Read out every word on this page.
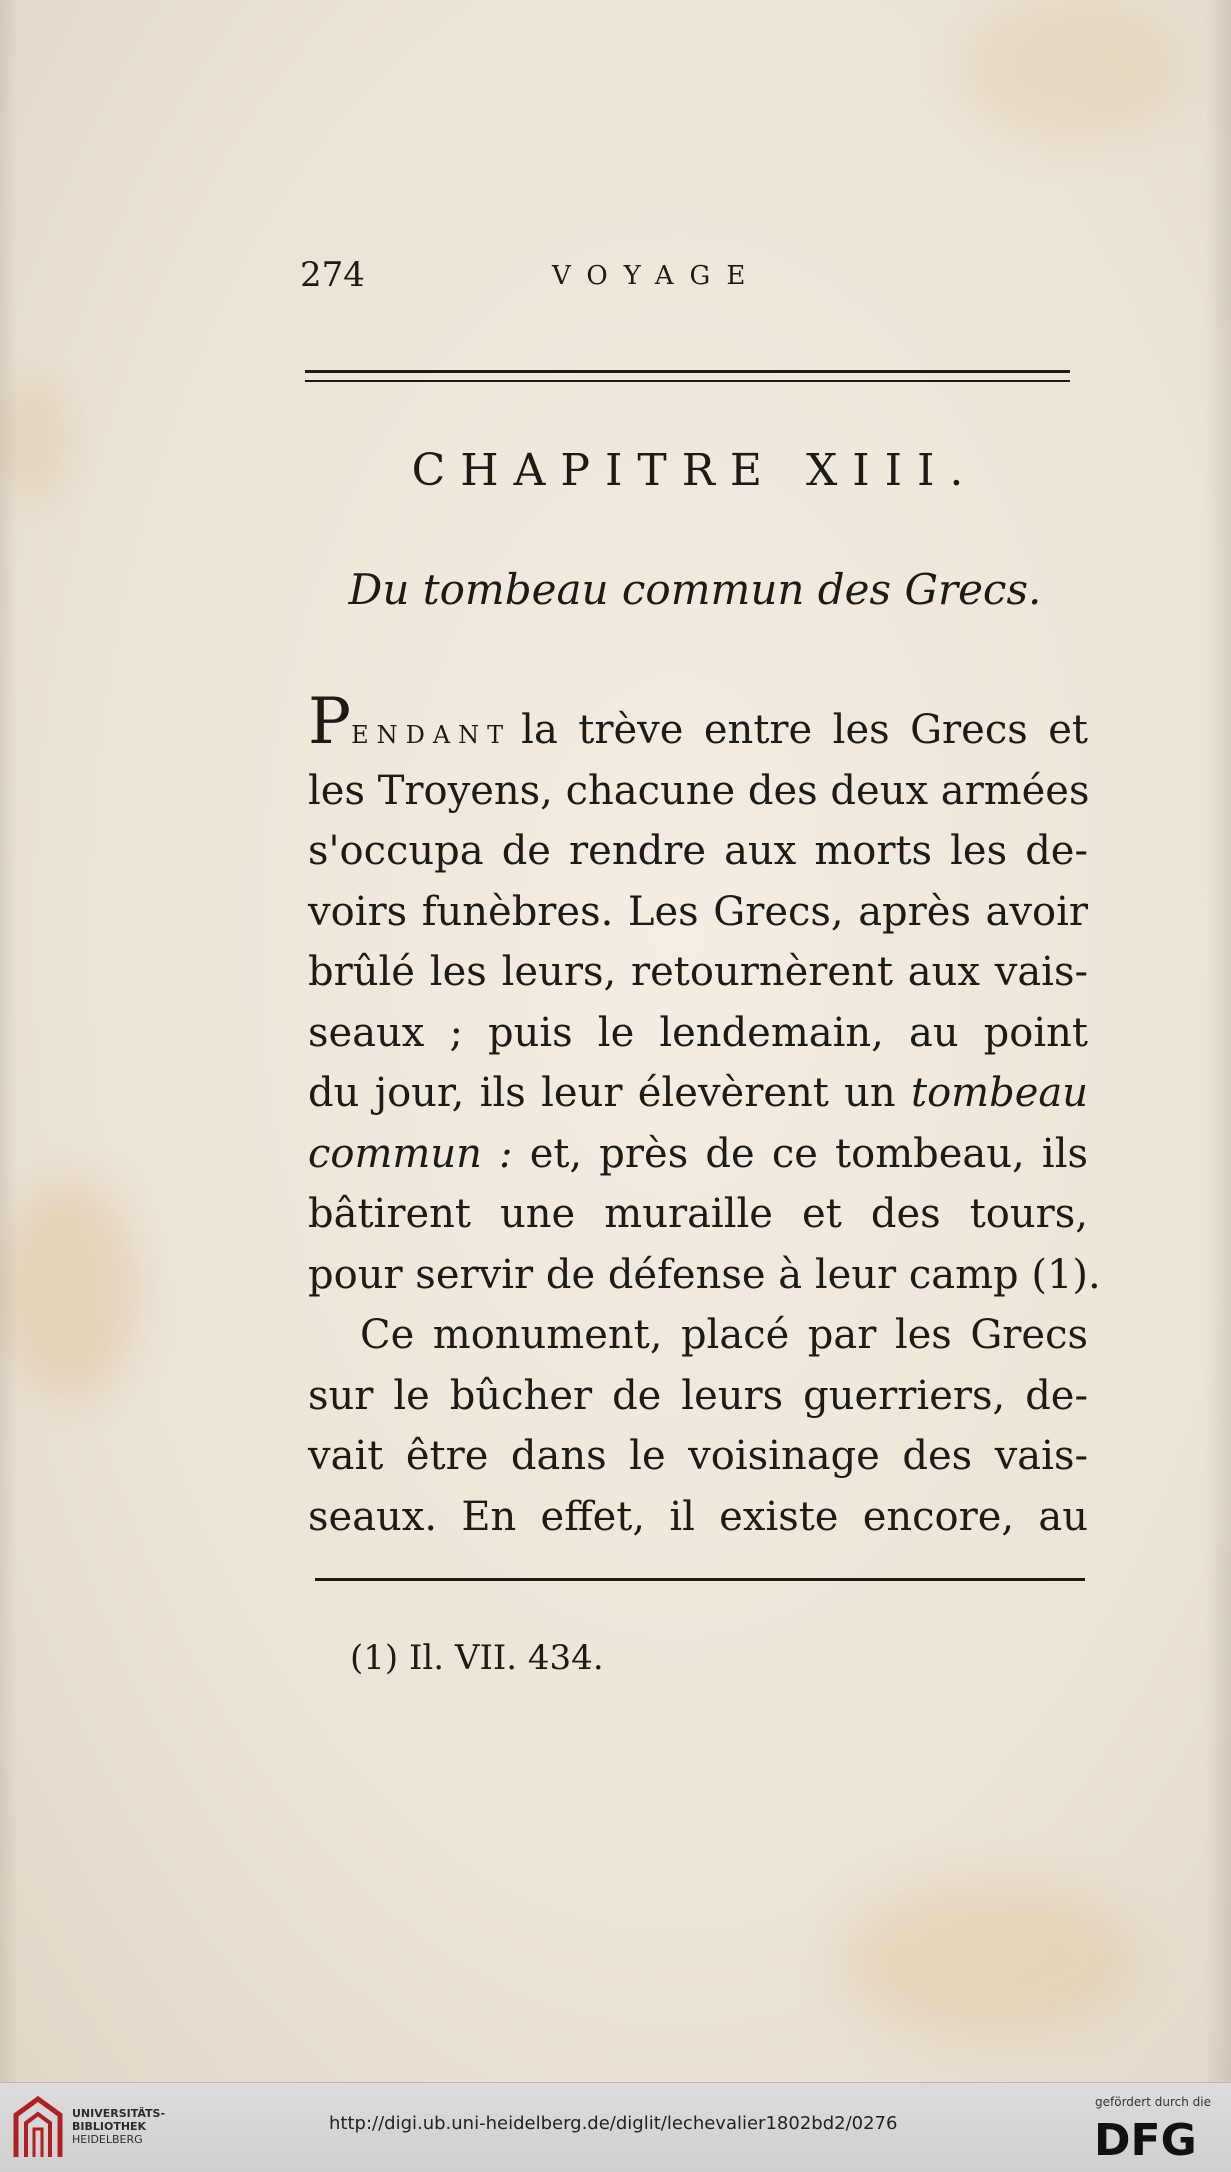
274	VOYAGE
CHAPITRE XIII.
Du tombeau commun des Grecs.
PENDANT la trève entre les Grecs et
les Troyens, chacune des deux armées
s'occupa de rendre aux morts les de-
voirs funèbres. Les Grecs, après avoir
brûlé les leurs, retournèrent aux vais-
seaux ; puis le lendemain, au point
du jour, ils leur élevèrent un tombeau
commun : et, près de ce tombeau, ils
bâtirent une muraille et des tours,
pour servir de défense à leur camp (1).
Ce monument, placé par les Grecs
sur le bûcher de leurs guerriers, de-
vait être dans le voisinage des vais-
seaux. En effet, il existe encore, au
(1) Il. VII. 434.
UNIVERSITÄTS-
BIBLIOTHEK
HEIDELBERG
http://digi.ub.uni-heidelberg.de/diglit/lechevalier1802bd2/0276
gefördert durch die
DFG
